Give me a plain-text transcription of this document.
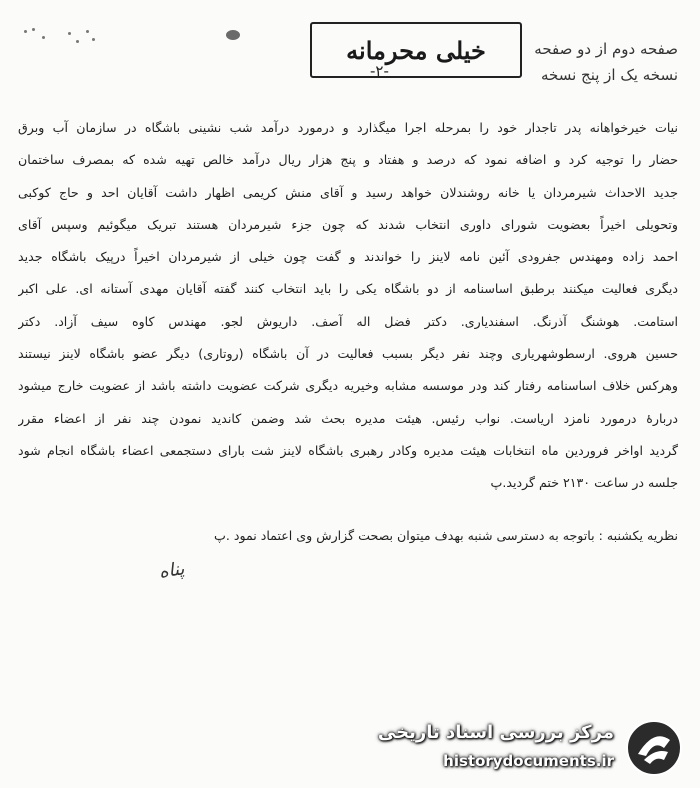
خیلی محرمانه	صفحه دوم از دو صفحه
نسخه یک از پنج نسخه
-۲-
نیات خیرخواهانه پدر تاجدار خود را بمرحله اجرا میگذارد و درمورد درآمد شب نشینی باشگاه در سازمان آب وبرق
حضار را توجیه کرد و اضافه نمود که درصد و هفتاد و پنج هزار ریال درآمد خالص تهیه شده که بمصرف ساختمان
جدید الاحداث شیرمردان یا خانه روشندلان خواهد رسید و آقای منش کریمی اظهار داشت آقایان احد و حاج کوکبی
وتحویلی اخیراً بعضویت شورای داوری انتخاب شدند که چون جزء شیرمردان هستند تبریک میگوئیم وسپس آقای
احمد زاده ومهندس جفرودی آئین نامه لاینز را خواندند و گفت چون خیلی از شیرمردان اخیراً درپیک باشگاه جدید
دیگری فعالیت میکنند برطبق اساسنامه از دو باشگاه یکی را باید انتخاب کنند گفته آقایان مهدی آستانه ای. علی اکبر
استامت. هوشنگ آذرنگ. اسفندیاری. دکتر فضل اله آصف. داریوش لجو. مهندس کاوه سیف آزاد. دکتر
حسین هروی. ارسطوشهریاری وچند نفر دیگر بسبب فعالیت در آن باشگاه (روتاری) دیگر عضو باشگاه لاینز نیستند
وهرکس خلاف اساسنامه رفتار کند ودر موسسه مشابه وخیریه دیگری شرکت عضویت داشته باشد از عضویت خارج میشود
دربارهٔ درمورد نامزد اریاست. نواب رئیس. هیئت مدیره بحث شد وضمن کاندید نمودن چند نفر از اعضاء مقرر
گردید اواخر فروردین ماه انتخابات هیئت مدیره وکادر رهبری باشگاه لاینز شت بارای دستجمعی اعضاء باشگاه انجام شود
جلسه در ساعت ۲۱۳۰ ختم گردید.پ
نظریه یکشنبه : باتوجه به دسترسی شنبه بهدف میتوان بصحت گزارش وی اعتماد نمود .پ
پناه
مرکز بررسی اسناد تاریخی
historydocuments.ir
